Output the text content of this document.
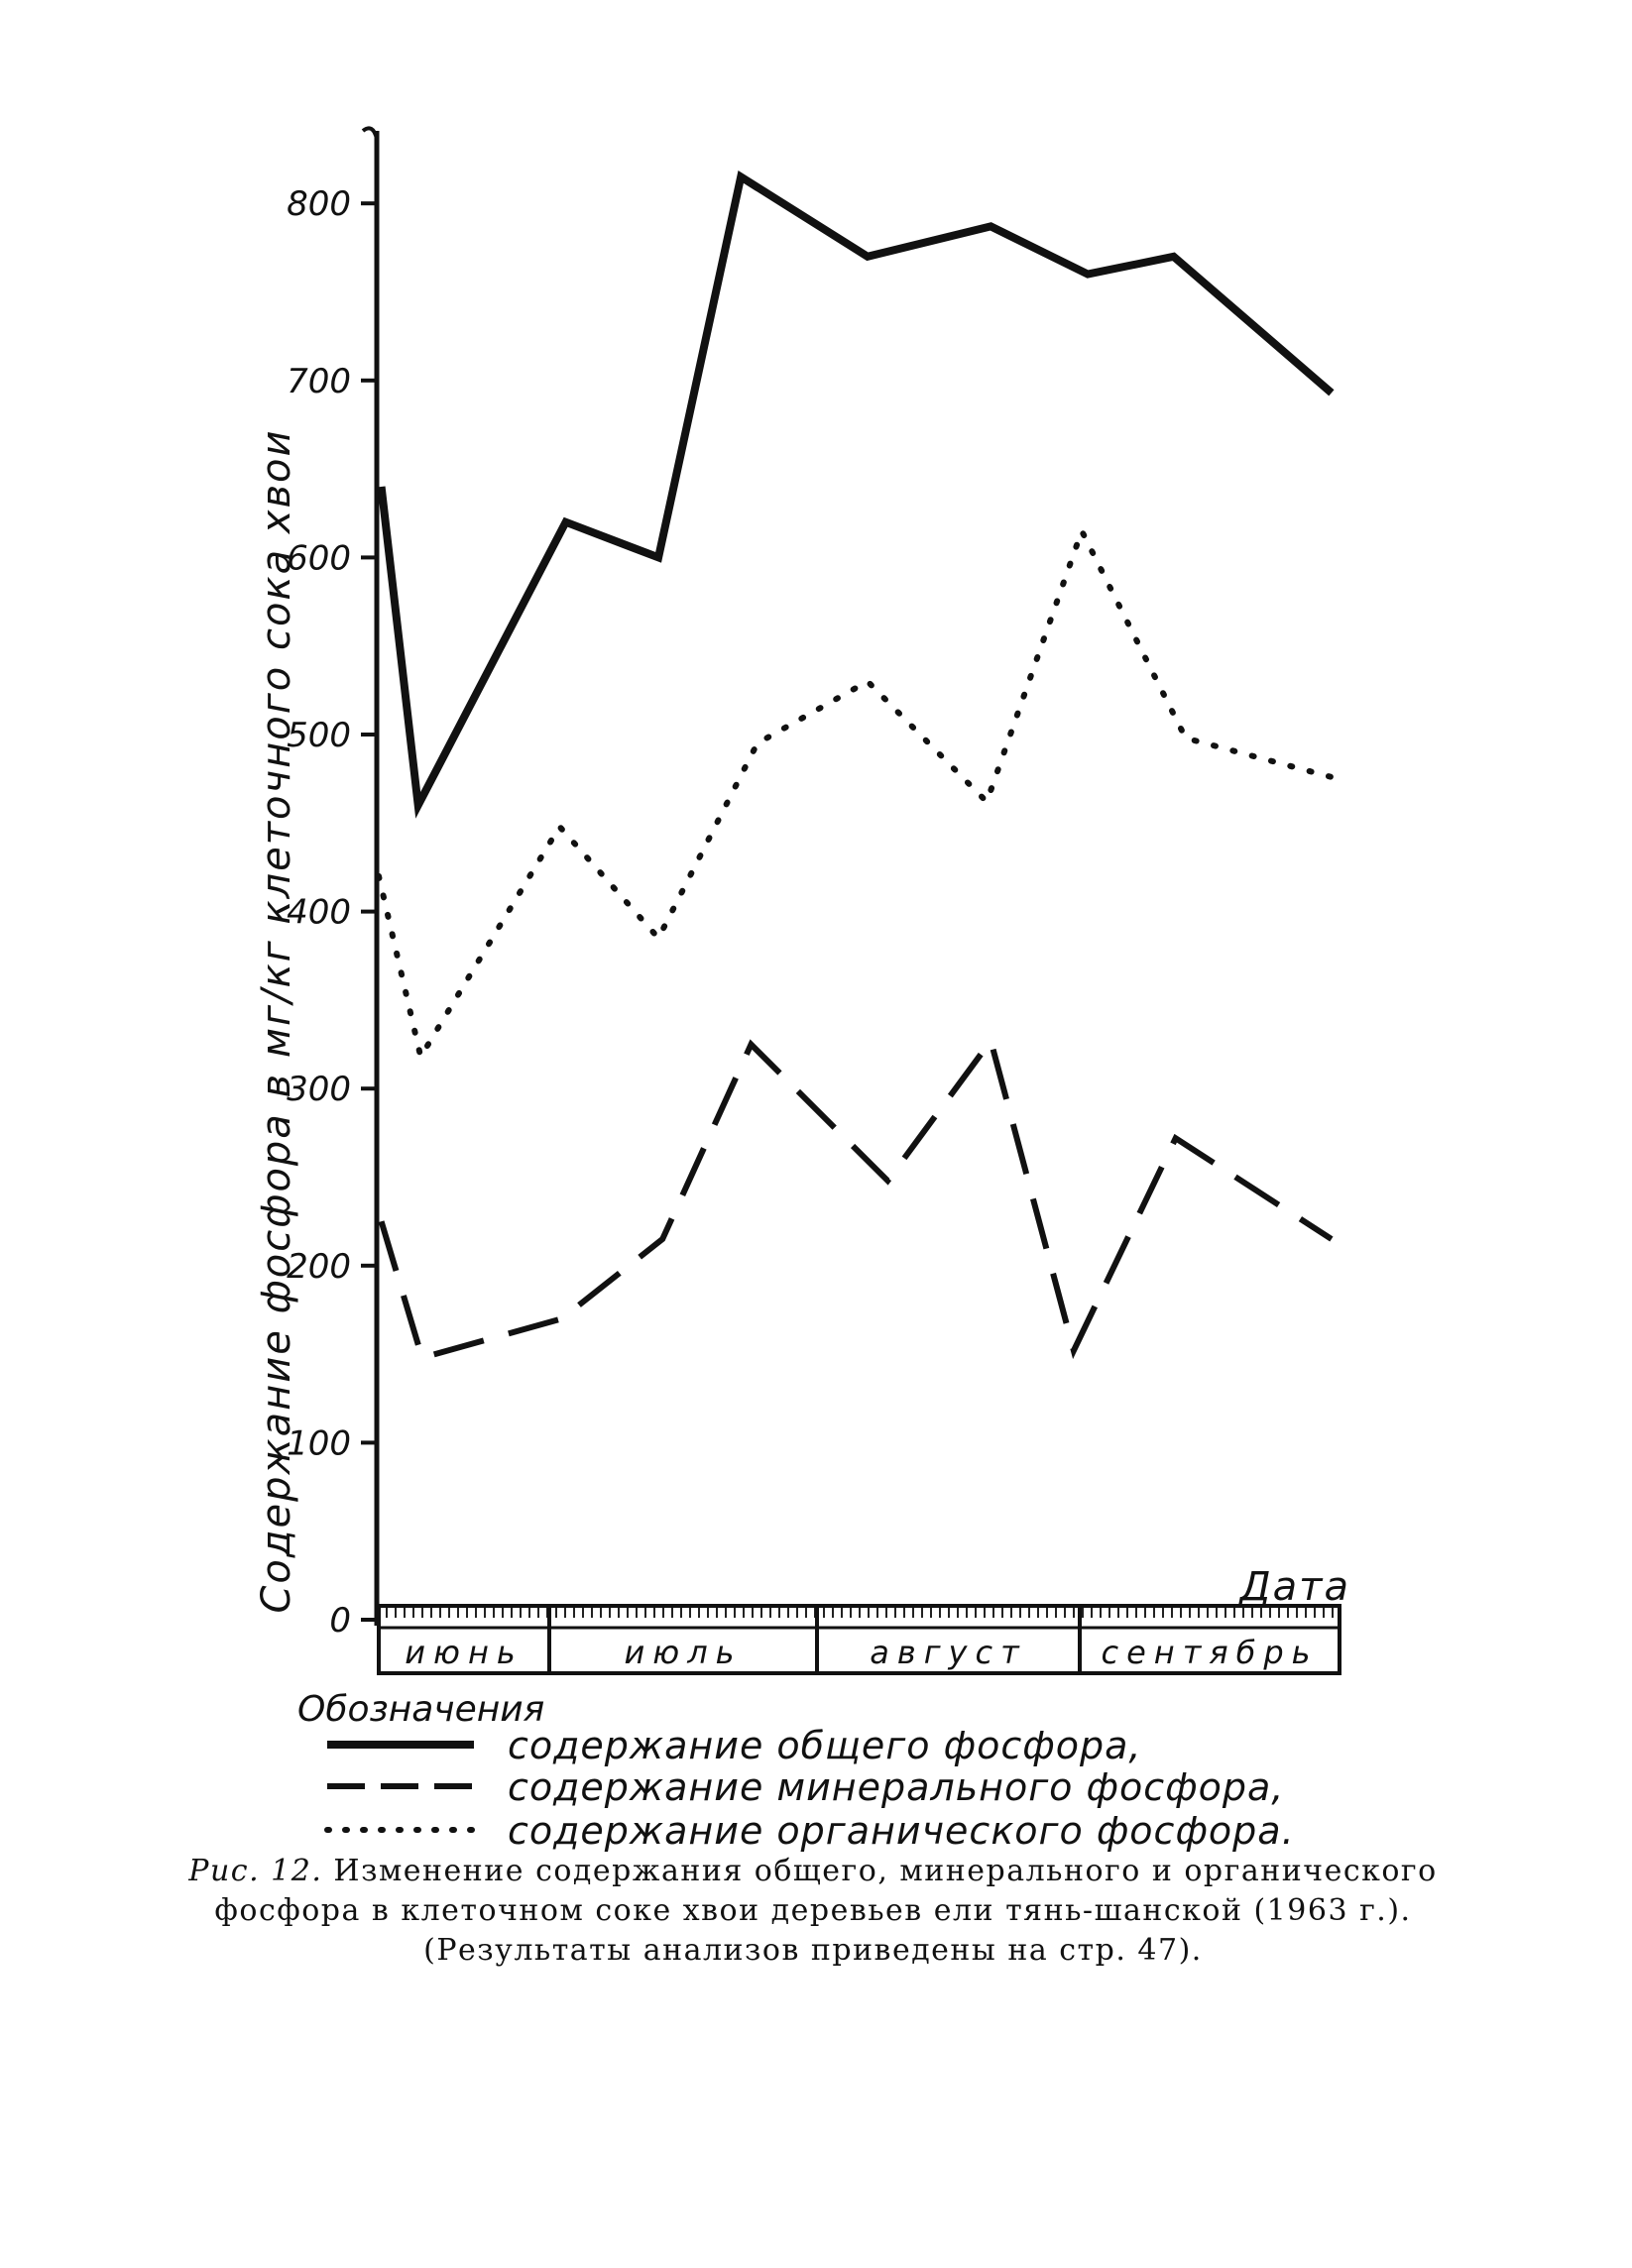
0
100
200
300
400
500
600
700
800
июнь	июль	август сентябрь
Содержание фосфора в мг/кг клеточного сока хвои	Дата
Обозначения
содержание общего фосфора,
содержание минерального фосфора,
содержание органического фосфора.
Рис. 12. Изменение содержания общего, минерального и органического
фосфора в клеточном соке хвои деревьев ели тянь-шанской (1963 г.).
(Результаты анализов приведены на стр. 47).
